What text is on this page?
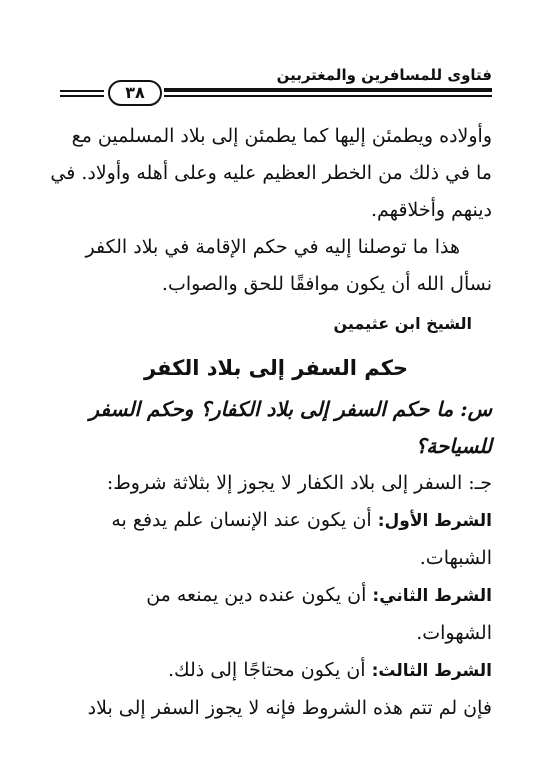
فتاوى للمسافرين والمغتربين
٣٨
وأولاده ويطمئن إليها كما يطمئن إلى بلاد المسلمين مع
ما في ذلك من الخطر العظيم عليه وعلى أهله وأولاد. في
دينهم وأخلاقهم.
هذا ما توصلنا إليه في حكم الإقامة في بلاد الكفر
نسأل الله أن يكون موافقًا للحق والصواب.
الشيخ ابن عثيمين
حكم السفر إلى بلاد الكفر
س: ما حكم السفر إلى بلاد الكفار؟ وحكم السفر
للسياحة؟
جـ: السفر إلى بلاد الكفار لا يجوز إلا بثلاثة شروط:
الشرط الأول: أن يكون عند الإنسان علم يدفع به
الشبهات.
الشرط الثاني: أن يكون عنده دين يمنعه من
الشهوات.
الشرط الثالث: أن يكون محتاجًا إلى ذلك.
فإن لم تتم هذه الشروط فإنه لا يجوز السفر إلى بلاد
